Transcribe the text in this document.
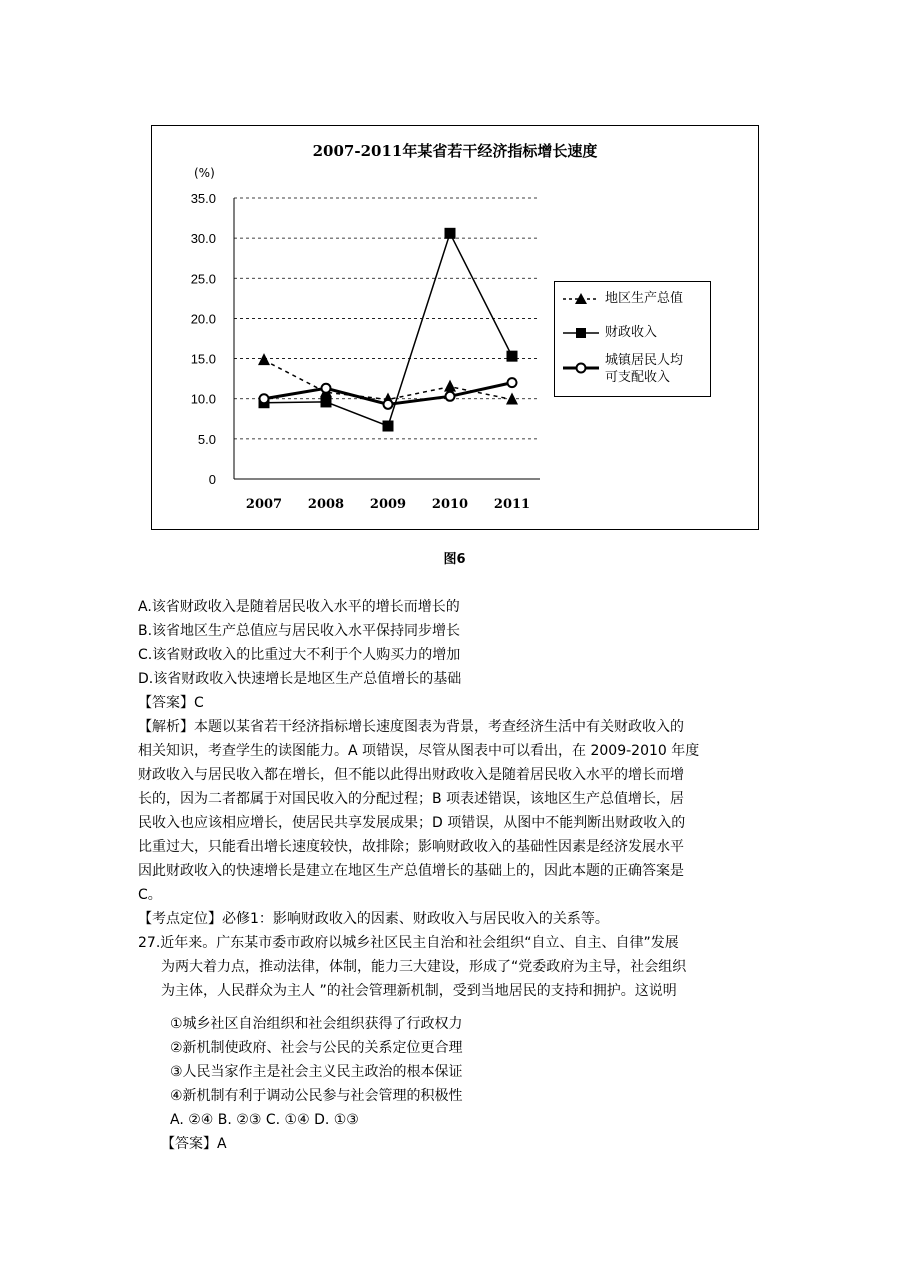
2007-2011年某省若干经济指标增长速度
(%)
0
5.0
10.0
15.0
20.0
25.0
30.0
35.0
2007 2008 2009 2010 2011
地区生产总值
财政收入
城镇居民人均
可支配收入
图6
A.该省财政收入是随着居民收入水平的增长而增长的
B.该省地区生产总值应与居民收入水平保持同步增长
C.该省财政收入的比重过大不利于个人购买力的增加
D.该省财政收入快速增长是地区生产总值增长的基础
【答案】C
【解析】本题以某省若干经济指标增长速度图表为背景，考查经济生活中有关财政收入的
相关知识，考查学生的读图能力。A 项错误，尽管从图表中可以看出，在 2009-2010 年度
财政收入与居民收入都在增长，但不能以此得出财政收入是随着居民收入水平的增长而增
长的，因为二者都属于对国民收入的分配过程；B 项表述错误，该地区生产总值增长，居
民收入也应该相应增长，使居民共享发展成果；D 项错误，从图中不能判断出财政收入的
比重过大，只能看出增长速度较快，故排除；影响财政收入的基础性因素是经济发展水平
因此财政收入的快速增长是建立在地区生产总值增长的基础上的，因此本题的正确答案是
C。
【考点定位】必修1：影响财政收入的因素、财政收入与居民收入的关系等。
27.近年来。广东某市委市政府以城乡社区民主自治和社会组织“自立、自主、自律”发展
为两大着力点，推动法律，体制，能力三大建设，形成了“党委政府为主导，社会组织
为主体，人民群众为主人 ”的社会管理新机制，受到当地居民的支持和拥护。这说明
①城乡社区自治组织和社会组织获得了行政权力
②新机制使政府、社会与公民的关系定位更合理
③人民当家作主是社会主义民主政治的根本保证
④新机制有利于调动公民参与社会管理的积极性
A. ②④ B. ②③ C. ①④ D. ①③
【答案】A
